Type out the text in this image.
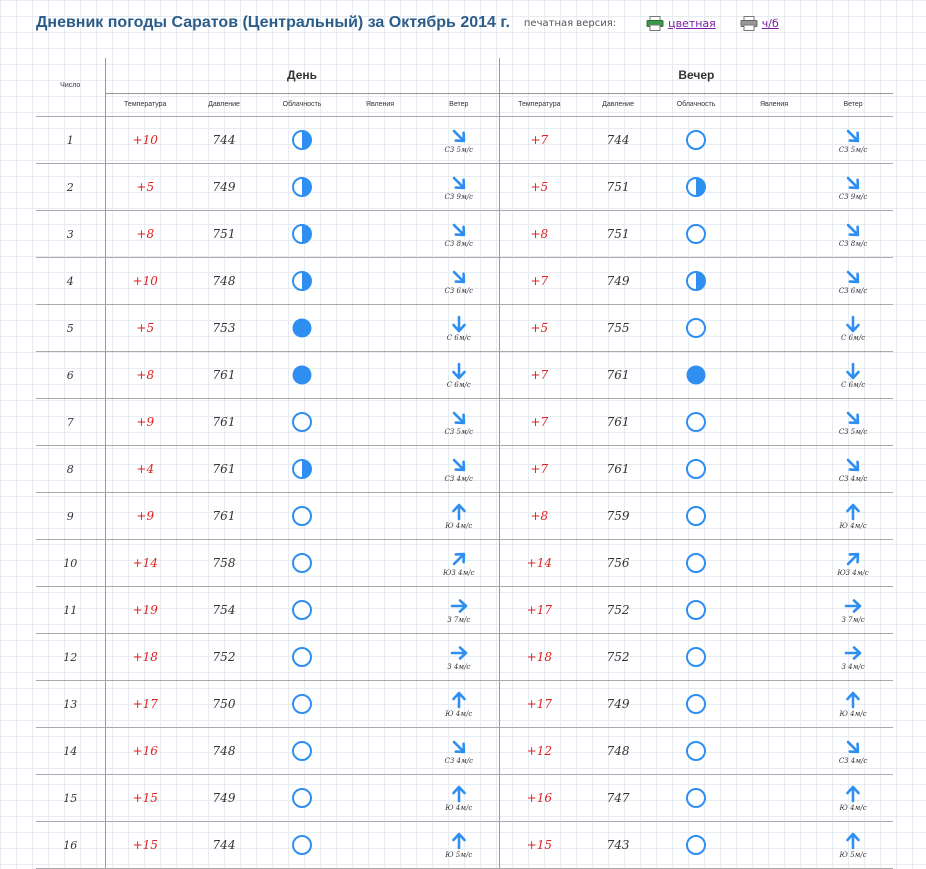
Дневник погоды Саратов (Центральный) за Октябрь 2014 г. печатная версия:	цветная	ч/б
Число	День					Вечер				
	Температура	Давление	Облачность	Явления	Ветер	Температура	Давление	Облачность	Явления	Ветер
1	+10	744			СЗ 5м/с	+7	744			СЗ 5м/с

2	+5	749			СЗ 9м/с	+5	751			СЗ 9м/с

3	+8	751			СЗ 8м/с	+8	751			СЗ 8м/с

4	+10	748			СЗ 6м/с	+7	749			СЗ 6м/с

5	+5	753			С 6м/с	+5	755			С 6м/с

6	+8	761			С 6м/с	+7	761			С 6м/с

7	+9	761			СЗ 5м/с	+7	761			СЗ 5м/с

8	+4	761			СЗ 4м/с	+7	761			СЗ 4м/с

9	+9	761			Ю 4м/с	+8	759			Ю 4м/с

10	+14	758			ЮЗ 4м/с	+14	756			ЮЗ 4м/с

11	+19	754			З 7м/с	+17	752			З 7м/с

12	+18	752			З 4м/с	+18	752			З 4м/с

13	+17	750			Ю 4м/с	+17	749			Ю 4м/с

14	+16	748			СЗ 4м/с	+12	748			СЗ 4м/с

15	+15	749			Ю 4м/с	+16	747			Ю 4м/с

16	+15	744			Ю 5м/с	+15	743			Ю 5м/с
